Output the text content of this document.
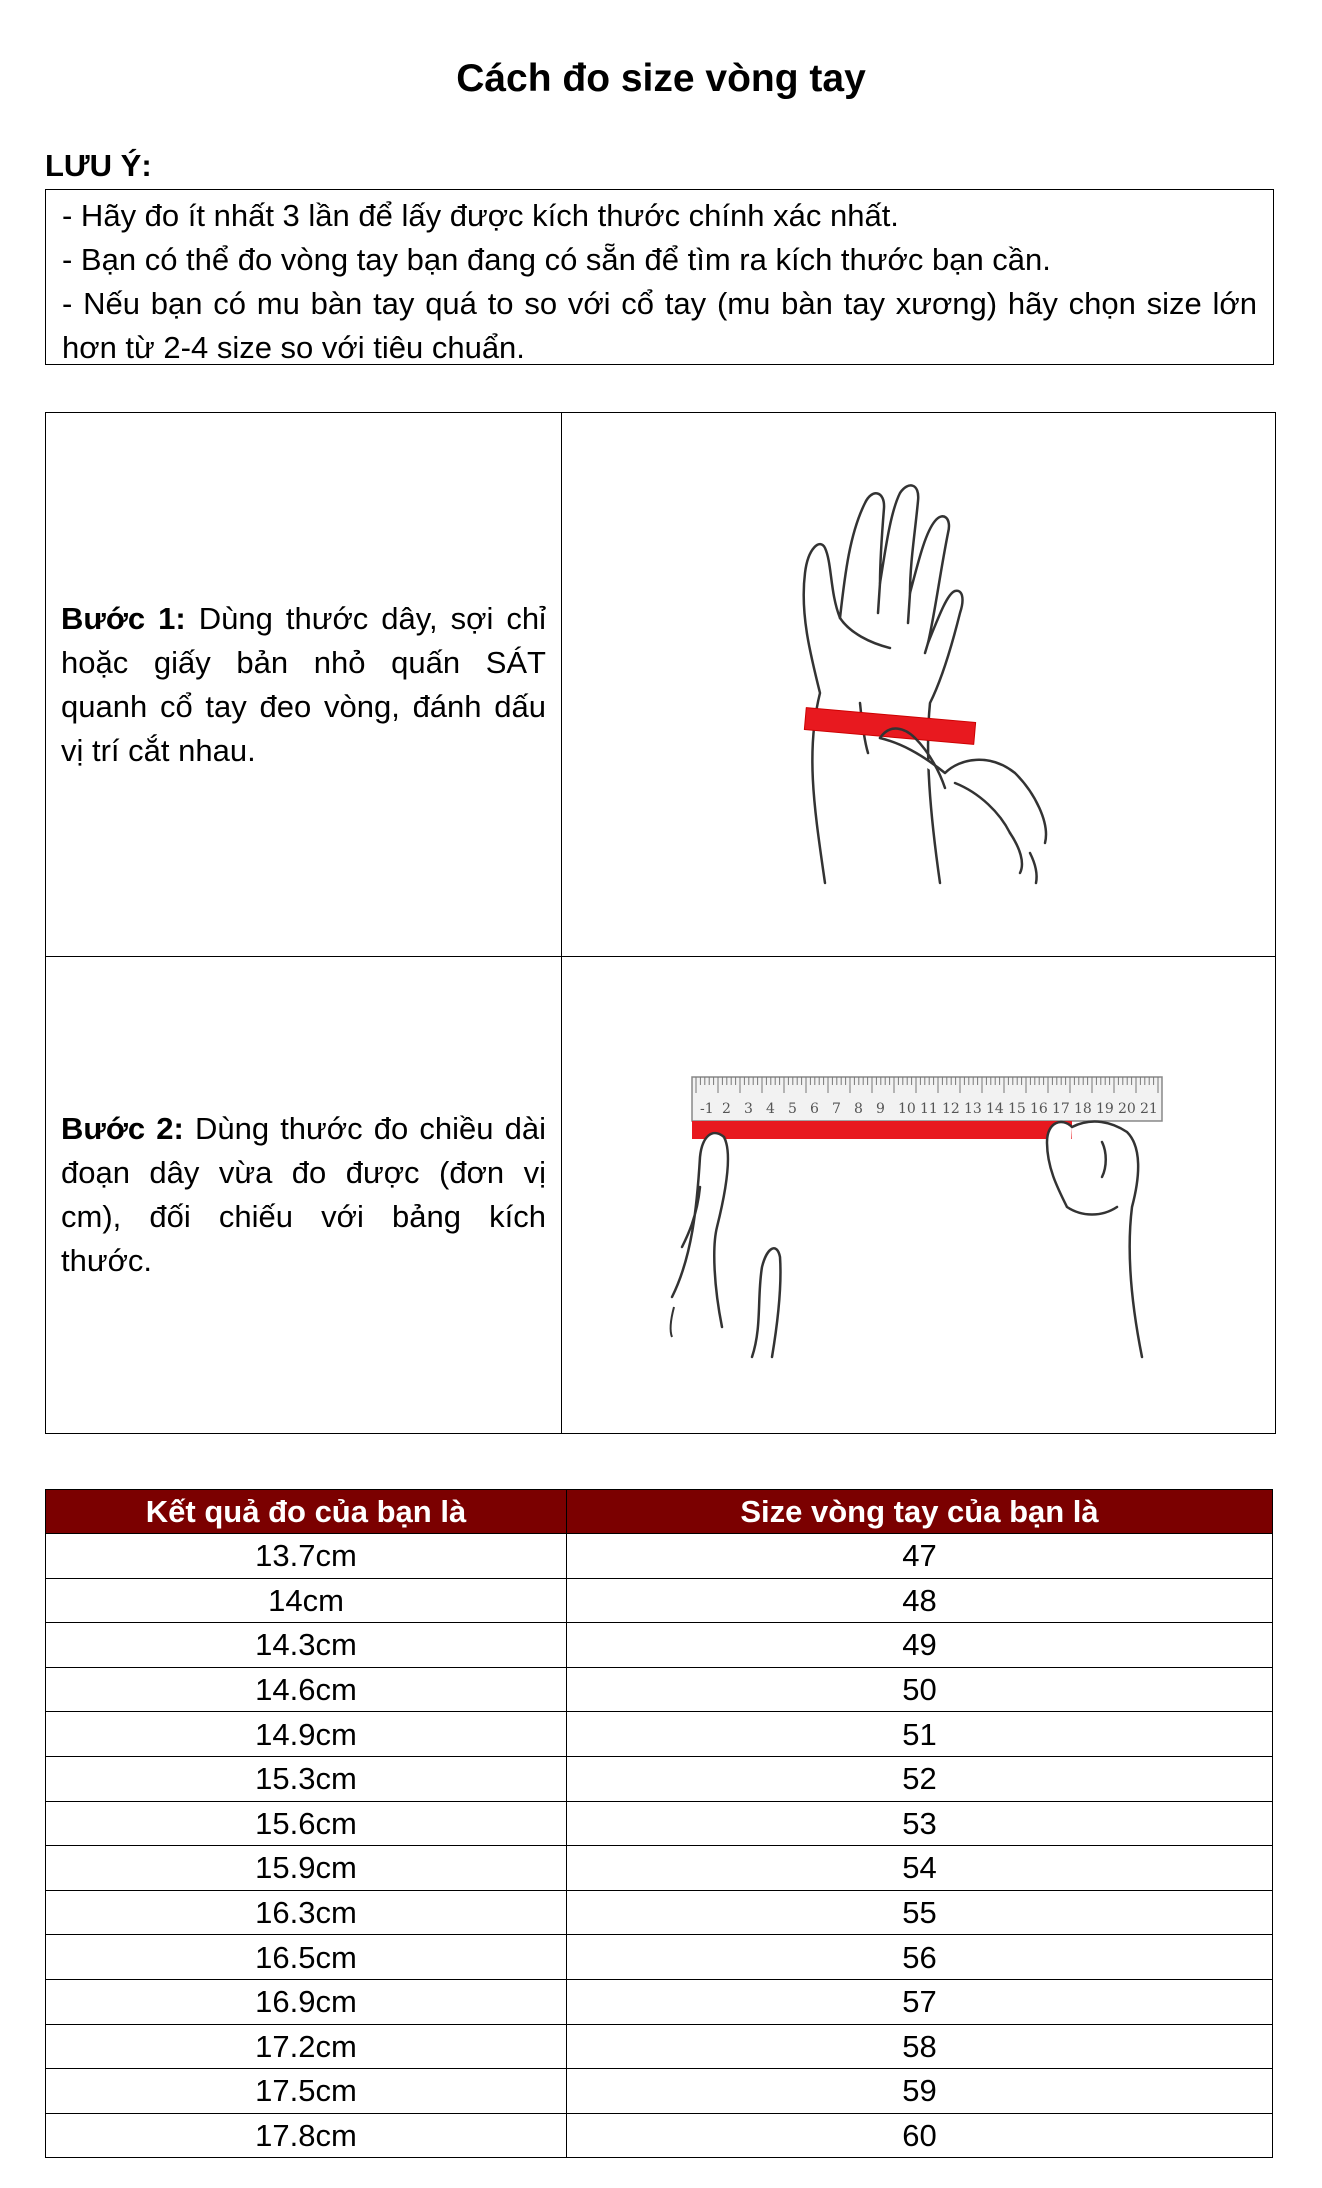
Cách đo size vòng tay
LƯU Ý:
- Hãy đo ít nhất 3 lần để lấy được kích thước chính xác nhất.
- Bạn có thể đo vòng tay bạn đang có sẵn để tìm ra kích thước bạn cần.
- Nếu bạn có mu bàn tay quá to so với cổ tay (mu bàn tay xương) hãy chọn size lớn hơn từ 2-4 size so với tiêu chuẩn.

Bước 1: Dùng thước dây, sợi chỉ hoặc giấy bản nhỏ quấn SÁT quanh cổ tay đeo vòng, đánh dấu vị trí cắt nhau.

Bước 2: Dùng thước đo chiều dài đoạn dây vừa đo được (đơn vị cm), đối chiếu với bảng kích thước.

-1 2 3 4 5 6 7 8 9 10 11 12 13 14 15 16 17 18 19 20 21
Kết quả đo của bạn là	Size vòng tay của bạn là
13.7cm	47
14cm	48
14.3cm	49
14.6cm	50
14.9cm	51
15.3cm	52
15.6cm	53
15.9cm	54
16.3cm	55
16.5cm	56
16.9cm	57
17.2cm	58
17.5cm	59
17.8cm	60
